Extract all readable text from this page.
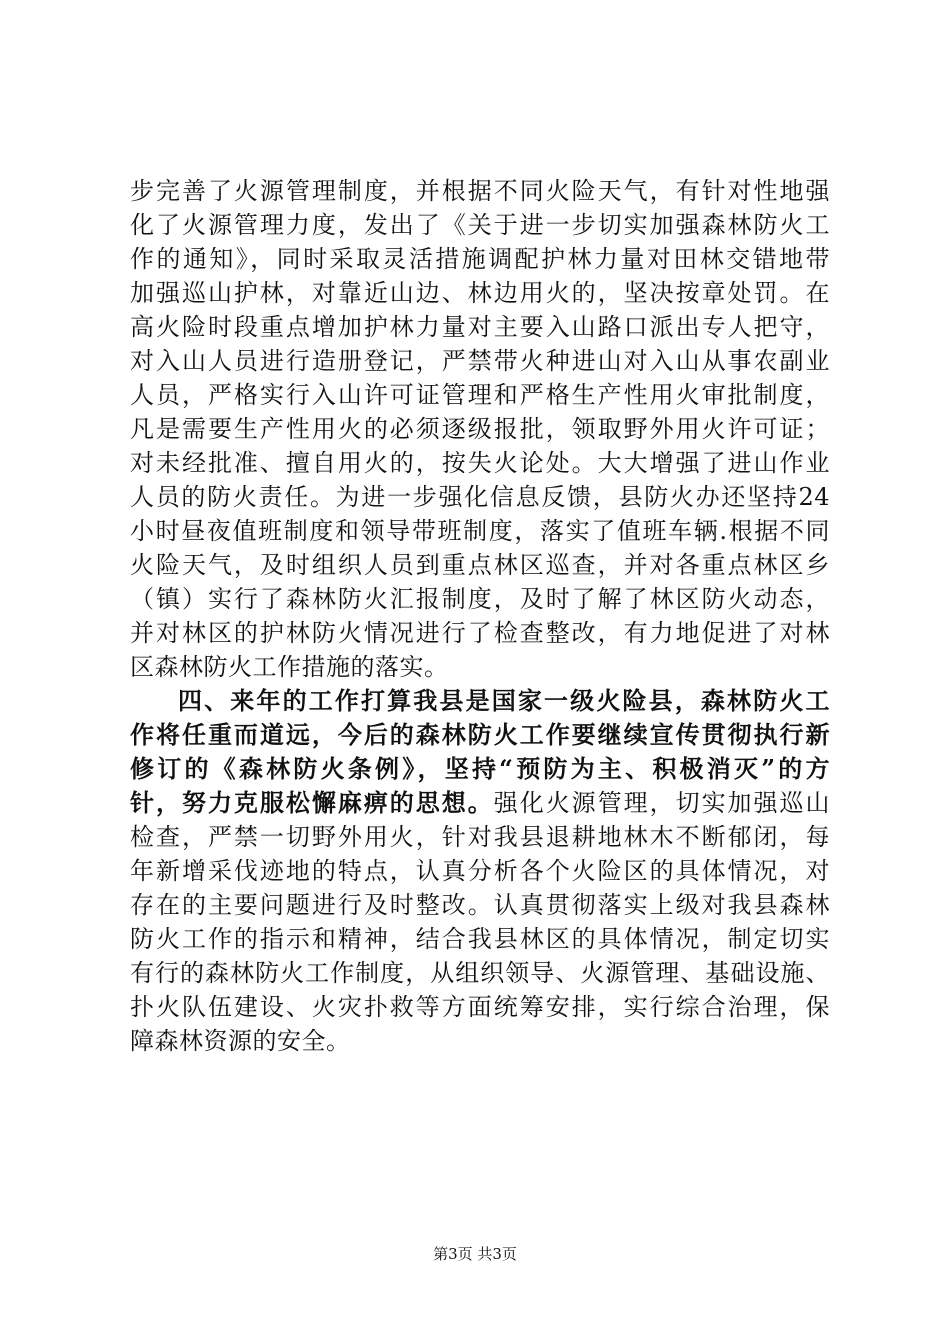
步完善了火源管理制度，并根据不同火险天气，有针对性地强
化了火源管理力度，发出了《关于进一步切实加强森林防火工
作的通知》，同时采取灵活措施调配护林力量对田林交错地带
加强巡山护林，对靠近山边、林边用火的，坚决按章处罚。在
高火险时段重点增加护林力量对主要入山路口派出专人把守，
对入山人员进行造册登记，严禁带火种进山对入山从事农副业
人员，严格实行入山许可证管理和严格生产性用火审批制度，
凡是需要生产性用火的必须逐级报批，领取野外用火许可证；
对未经批准、擅自用火的，按失火论处。大大增强了进山作业
人员的防火责任。为进一步强化信息反馈，县防火办还坚持24
小时昼夜值班制度和领导带班制度，落实了值班车辆.根据不同
火险天气，及时组织人员到重点林区巡查，并对各重点林区乡
（镇）实行了森林防火汇报制度，及时了解了林区防火动态，
并对林区的护林防火情况进行了检查整改，有力地促进了对林
区森林防火工作措施的落实。
四、来年的工作打算我县是国家一级火险县，森林防火工
作将任重而道远，今后的森林防火工作要继续宣传贯彻执行新
修订的《森林防火条例》，坚持“预防为主、积极消灭”的方
针，努力克服松懈麻痹的思想。强化火源管理，切实加强巡山
检查，严禁一切野外用火，针对我县退耕地林木不断郁闭，每
年新增采伐迹地的特点，认真分析各个火险区的具体情况，对
存在的主要问题进行及时整改。认真贯彻落实上级对我县森林
防火工作的指示和精神，结合我县林区的具体情况，制定切实
有行的森林防火工作制度，从组织领导、火源管理、基础设施、
扑火队伍建设、火灾扑救等方面统筹安排，实行综合治理，保
障森林资源的安全。
第3页 共3页
